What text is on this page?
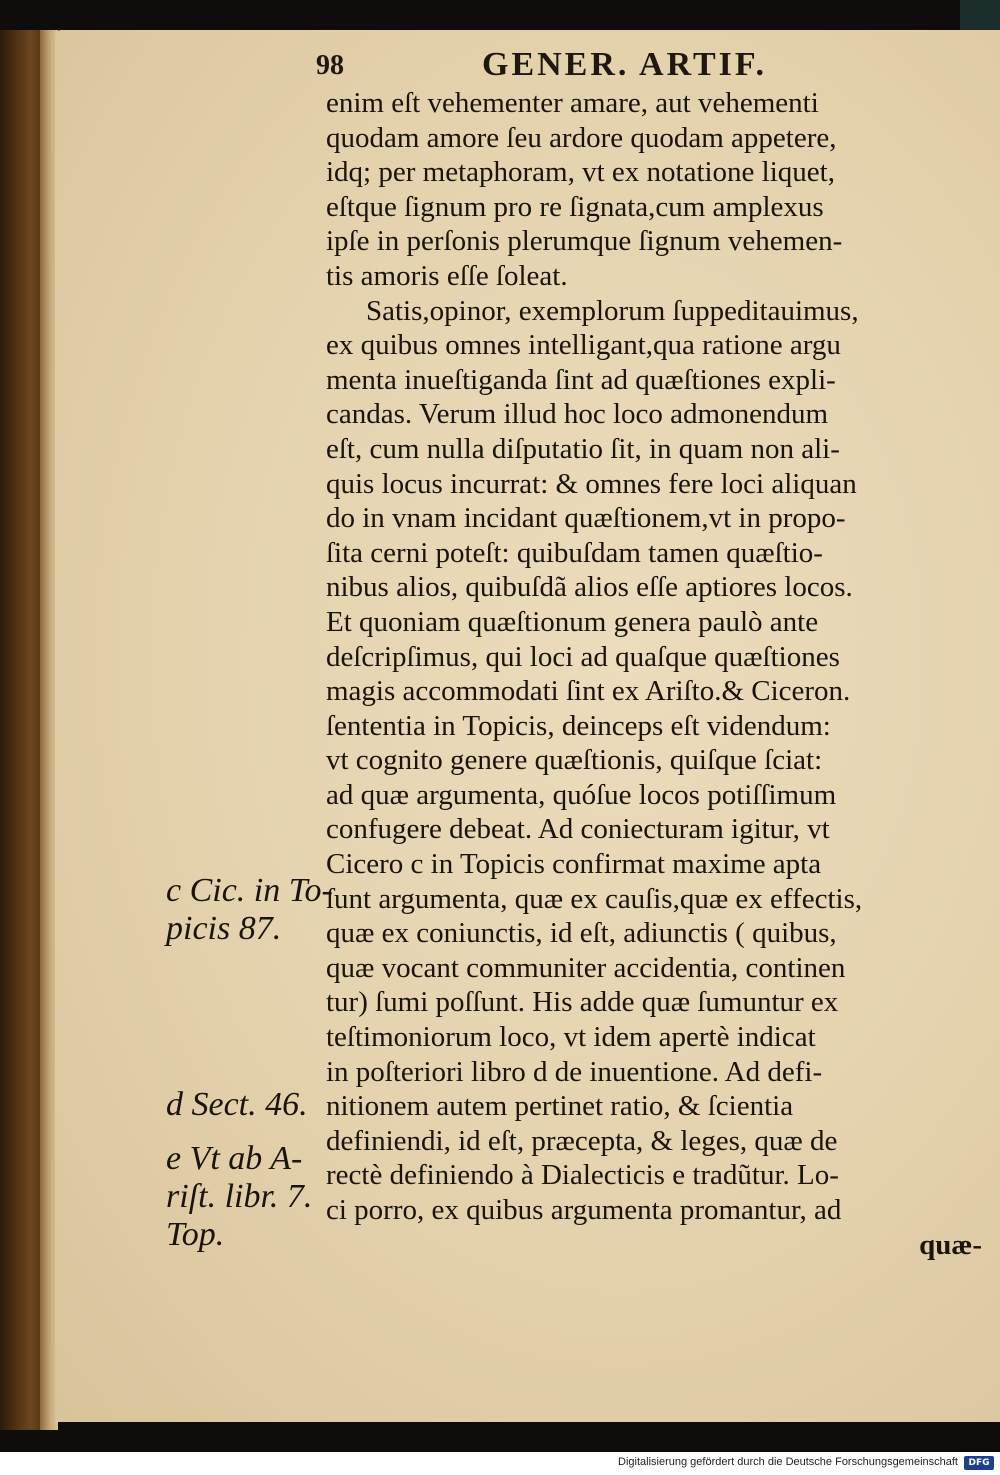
98	GENER. ARTIF.
enim eſt vehementer amare, aut vehementi
quodam amore ſeu ardore quodam appetere,
idq; per metaphoram, vt ex notatione liquet,
eſtque ſignum pro re ſignata,cum amplexus
ipſe in perſonis plerumque ſignum vehemen-
tis amoris eſſe ſoleat.
Satis,opinor, exemplorum ſuppeditauimus,
ex quibus omnes intelligant,qua ratione argu
menta inueſtiganda ſint ad quæſtiones expli-
candas. Verum illud hoc loco admonendum
eſt, cum nulla diſputatio ſit, in quam non ali-
quis locus incurrat: & omnes fere loci aliquan
do in vnam incidant quæſtionem,vt in propo-
ſita cerni poteſt: quibuſdam tamen quæſtio-
nibus alios, quibuſdã alios eſſe aptiores locos.
Et quoniam quæſtionum genera paulò ante
deſcripſimus, qui loci ad quaſque quæſtiones
magis accommodati ſint ex Ariſto.& Ciceron.
ſententia in Topicis, deinceps eſt videndum:
vt cognito genere quæſtionis, quiſque ſciat:
ad quæ argumenta, quóſue locos potiſſimum
confugere debeat. Ad coniecturam igitur, vt
Cicero c in Topicis confirmat maxime apta
ſunt argumenta, quæ ex cauſis,quæ ex effectis,
quæ ex coniunctis, id eſt, adiunctis ( quibus,
quæ vocant communiter accidentia, continen
tur) ſumi poſſunt. His adde quæ ſumuntur ex
teſtimoniorum loco, vt idem apertè indicat
in poſteriori libro d de inuentione. Ad defi-
nitionem autem pertinet ratio, & ſcientia
definiendi, id eſt, præcepta, & leges, quæ de
rectè definiendo à Dialecticis e tradũtur. Lo-
ci porro, ex quibus argumenta promantur, ad
quæ-
c Cic. in To-
picis 87.
d Sect. 46.
e Vt ab A-
riſt. libr. 7.
Top.
Digitalisierung gefördert durch die Deutsche Forschungsgemeinschaft	DFG
